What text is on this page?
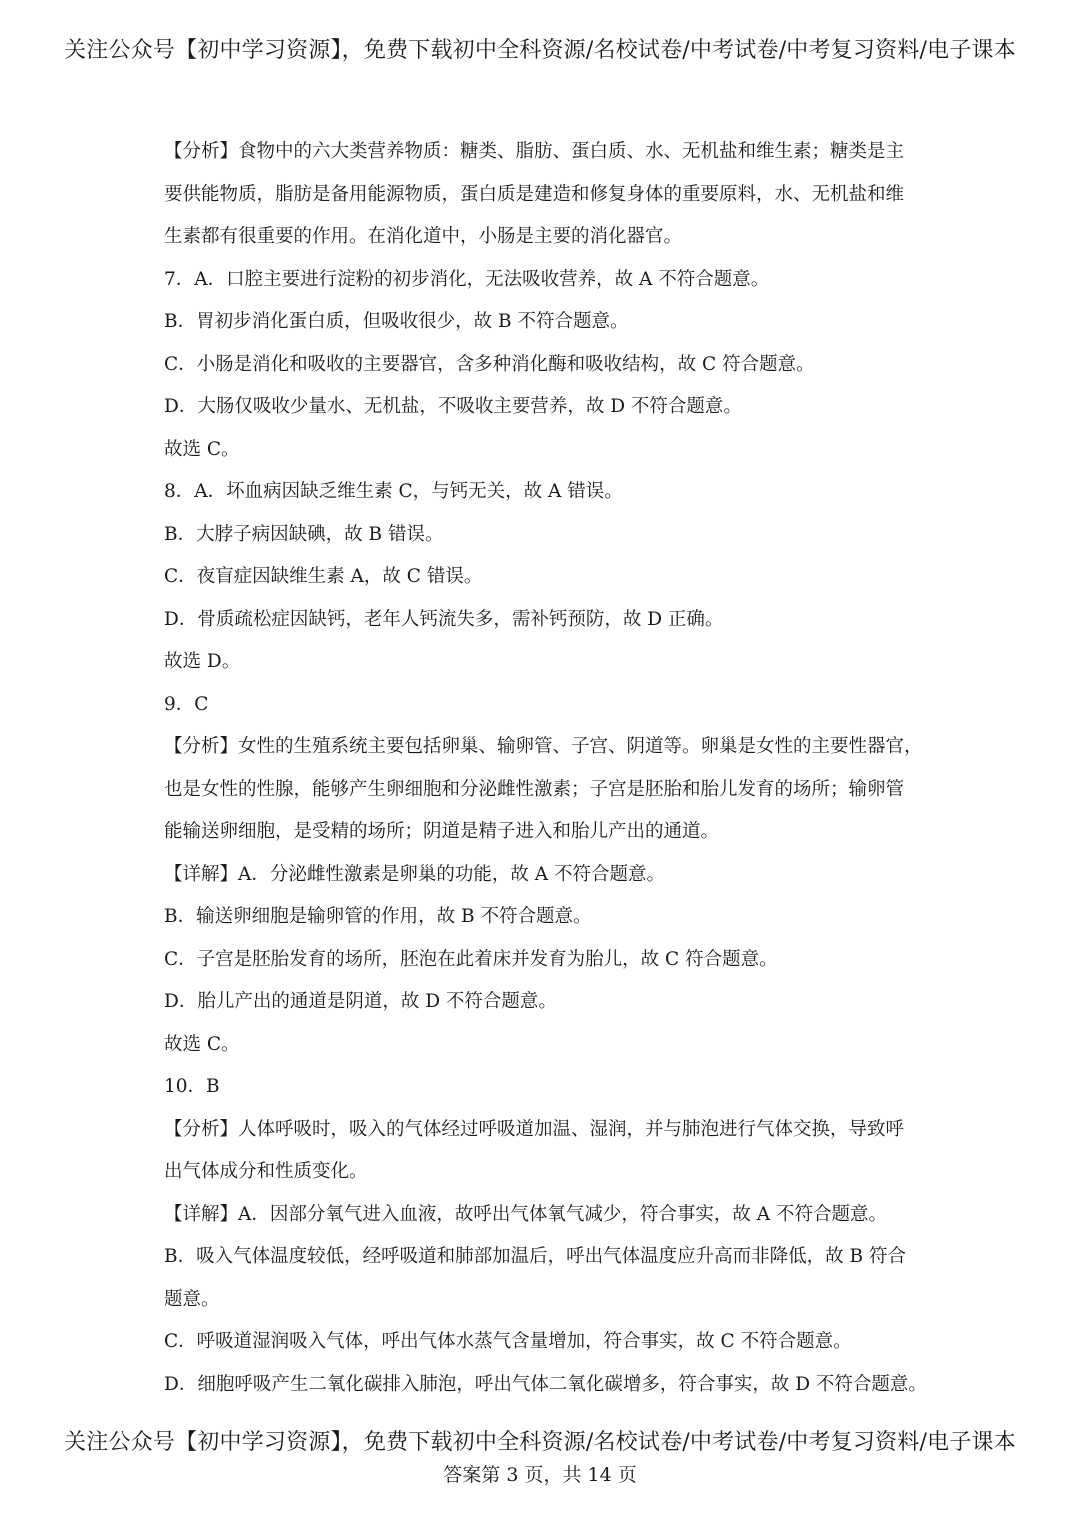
关注公众号【初中学习资源】，免费下载初中全科资源/名校试卷/中考试卷/中考复习资料/电子课本
【分析】食物中的六大类营养物质：糖类、脂肪、蛋白质、水、无机盐和维生素；糖类是主
要供能物质，脂肪是备用能源物质，蛋白质是建造和修复身体的重要原料，水、无机盐和维
生素都有很重要的作用。在消化道中，小肠是主要的消化器官。
7．A．口腔主要进行淀粉的初步消化，无法吸收营养，故 A 不符合题意。
B．胃初步消化蛋白质，但吸收很少，故 B 不符合题意。
C．小肠是消化和吸收的主要器官，含多种消化酶和吸收结构，故 C 符合题意。
D．大肠仅吸收少量水、无机盐，不吸收主要营养，故 D 不符合题意。
故选 C。
8．A．坏血病因缺乏维生素 C，与钙无关，故 A 错误。
B．大脖子病因缺碘，故 B 错误。
C．夜盲症因缺维生素 A，故 C 错误。
D．骨质疏松症因缺钙，老年人钙流失多，需补钙预防，故 D 正确。
故选 D。
9．C
【分析】女性的生殖系统主要包括卵巢、输卵管、子宫、阴道等。卵巢是女性的主要性器官，
也是女性的性腺，能够产生卵细胞和分泌雌性激素；子宫是胚胎和胎儿发育的场所；输卵管
能输送卵细胞，是受精的场所；阴道是精子进入和胎儿产出的通道。
【详解】A．分泌雌性激素是卵巢的功能，故 A 不符合题意。
B．输送卵细胞是输卵管的作用，故 B 不符合题意。
C．子宫是胚胎发育的场所，胚泡在此着床并发育为胎儿，故 C 符合题意。
D．胎儿产出的通道是阴道，故 D 不符合题意。
故选 C。
10．B
【分析】人体呼吸时，吸入的气体经过呼吸道加温、湿润，并与肺泡进行气体交换，导致呼
出气体成分和性质变化。
【详解】A．因部分氧气进入血液，故呼出气体氧气减少，符合事实，故 A 不符合题意。
B．吸入气体温度较低，经呼吸道和肺部加温后，呼出气体温度应升高而非降低，故 B 符合
题意。
C．呼吸道湿润吸入气体，呼出气体水蒸气含量增加，符合事实，故 C 不符合题意。
D．细胞呼吸产生二氧化碳排入肺泡，呼出气体二氧化碳增多，符合事实，故 D 不符合题意。
关注公众号【初中学习资源】，免费下载初中全科资源/名校试卷/中考试卷/中考复习资料/电子课本
答案第 3 页，共 14 页
